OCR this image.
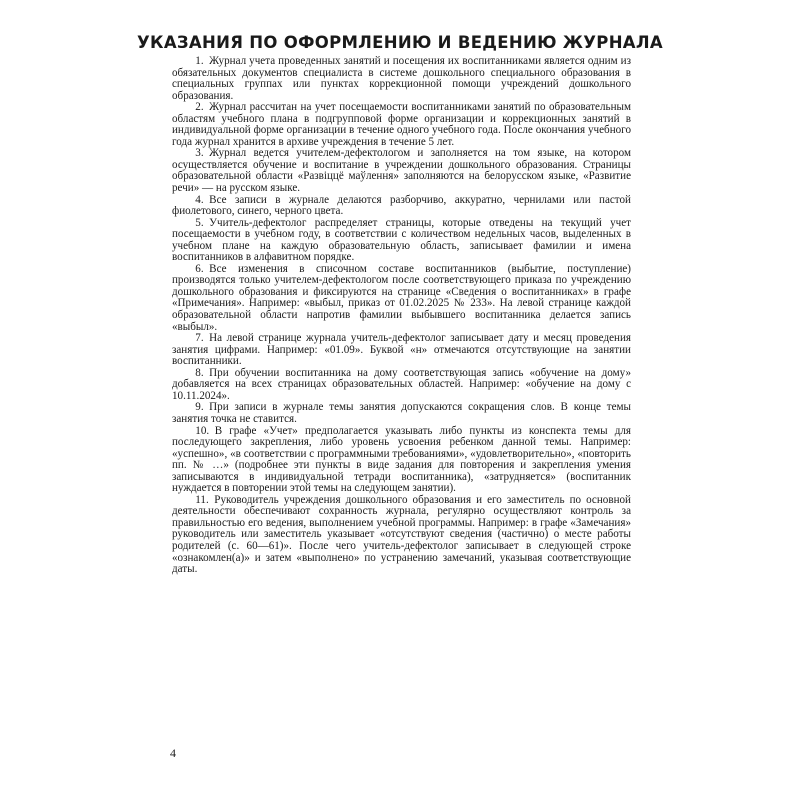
УКАЗАНИЯ ПО ОФОРМЛЕНИЮ И ВЕДЕНИЮ ЖУРНАЛА

1. Журнал учета проведенных занятий и посещения их воспитанниками является одним из обязательных документов специалиста в системе дошкольного специального образования в специальных группах или пунктах коррекционной помощи учреждений дошкольного образования.

2. Журнал рассчитан на учет посещаемости воспитанниками занятий по образовательным областям учебного плана в подгрупповой форме организации и коррекционных занятий в индивидуальной форме организации в течение одного учебного года. После окончания учебного года журнал хранится в архиве учреждения в течение 5 лет.

3. Журнал ведется учителем-дефектологом и заполняется на том языке, на котором осуществляется обучение и воспитание в учреждении дошкольного образования. Страницы образовательной области «Развіццё маўлення» заполняются на белорусском языке, «Развитие речи» — на русском языке.

4. Все записи в журнале делаются разборчиво, аккуратно, чернилами или пастой фиолетового, синего, черного цвета.

5. Учитель-дефектолог распределяет страницы, которые отведены на текущий учет посещаемости в учебном году, в соответствии с количеством недельных часов, выделенных в учебном плане на каждую образовательную область, записывает фамилии и имена воспитанников в алфавитном порядке.

6. Все изменения в списочном составе воспитанников (выбытие, поступление) производятся только учителем-дефектологом после соответствующего приказа по учреждению дошкольного образования и фиксируются на странице «Сведения о воспитанниках» в графе «Примечания». Например: «выбыл, приказ от 01.02.2025 № 233». На левой странице каждой образовательной области напротив фамилии выбывшего воспитанника делается запись «выбыл».

7. На левой странице журнала учитель-дефектолог записывает дату и месяц проведения занятия цифрами. Например: «01.09». Буквой «н» отмечаются отсутствующие на занятии воспитанники.

8. При обучении воспитанника на дому соответствующая запись «обучение на дому» добавляется на всех страницах образовательных областей. Например: «обучение на дому с 10.11.2024».

9. При записи в журнале темы занятия допускаются сокращения слов. В конце темы занятия точка не ставится.

10. В графе «Учет» предполагается указывать либо пункты из конспекта темы для последующего закрепления, либо уровень усвоения ребенком данной темы. Например: «успешно», «в соответствии с программными требованиями», «удовлетворительно», «повторить пп. № …» (подробнее эти пункты в виде задания для повторения и закрепления умения записываются в индивидуальной тетради воспитанника), «затрудняется» (воспитанник нуждается в повторении этой темы на следующем занятии).

11. Руководитель учреждения дошкольного образования и его заместитель по основной деятельности обеспечивают сохранность журнала, регулярно осуществляют контроль за правильностью его ведения, выполнением учебной программы. Например: в графе «Замечания» руководитель или заместитель указывает «отсутствуют сведения (частично) о месте работы родителей (с. 60—61)». После чего учитель-дефектолог записывает в следующей строке «ознакомлен(а)» и затем «выполнено» по устранению замечаний, указывая соответствующие даты.

4
